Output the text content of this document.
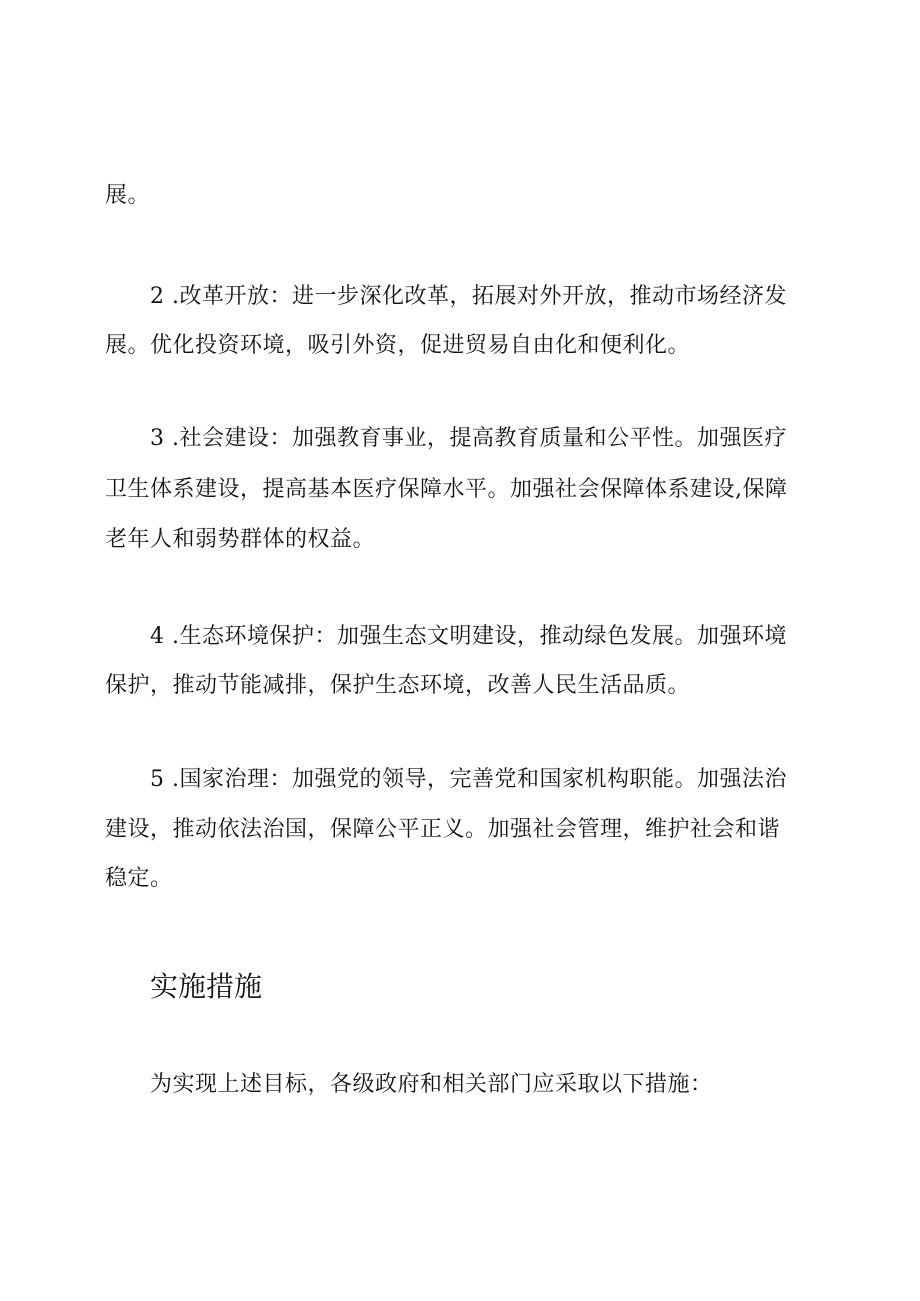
展。
2 .改革开放：进一步深化改革，拓展对外开放，推动市场经济发
展。优化投资环境，吸引外资，促进贸易自由化和便利化。
3 .社会建设：加强教育事业，提高教育质量和公平性。加强医疗
卫生体系建设，提高基本医疗保障水平。加强社会保障体系建设,保障
老年人和弱势群体的权益。
4 .生态环境保护：加强生态文明建设，推动绿色发展。加强环境
保护，推动节能减排，保护生态环境，改善人民生活品质。
5 .国家治理：加强党的领导，完善党和国家机构职能。加强法治
建设，推动依法治国，保障公平正义。加强社会管理，维护社会和谐
稳定。
实施措施
为实现上述目标，各级政府和相关部门应采取以下措施：
